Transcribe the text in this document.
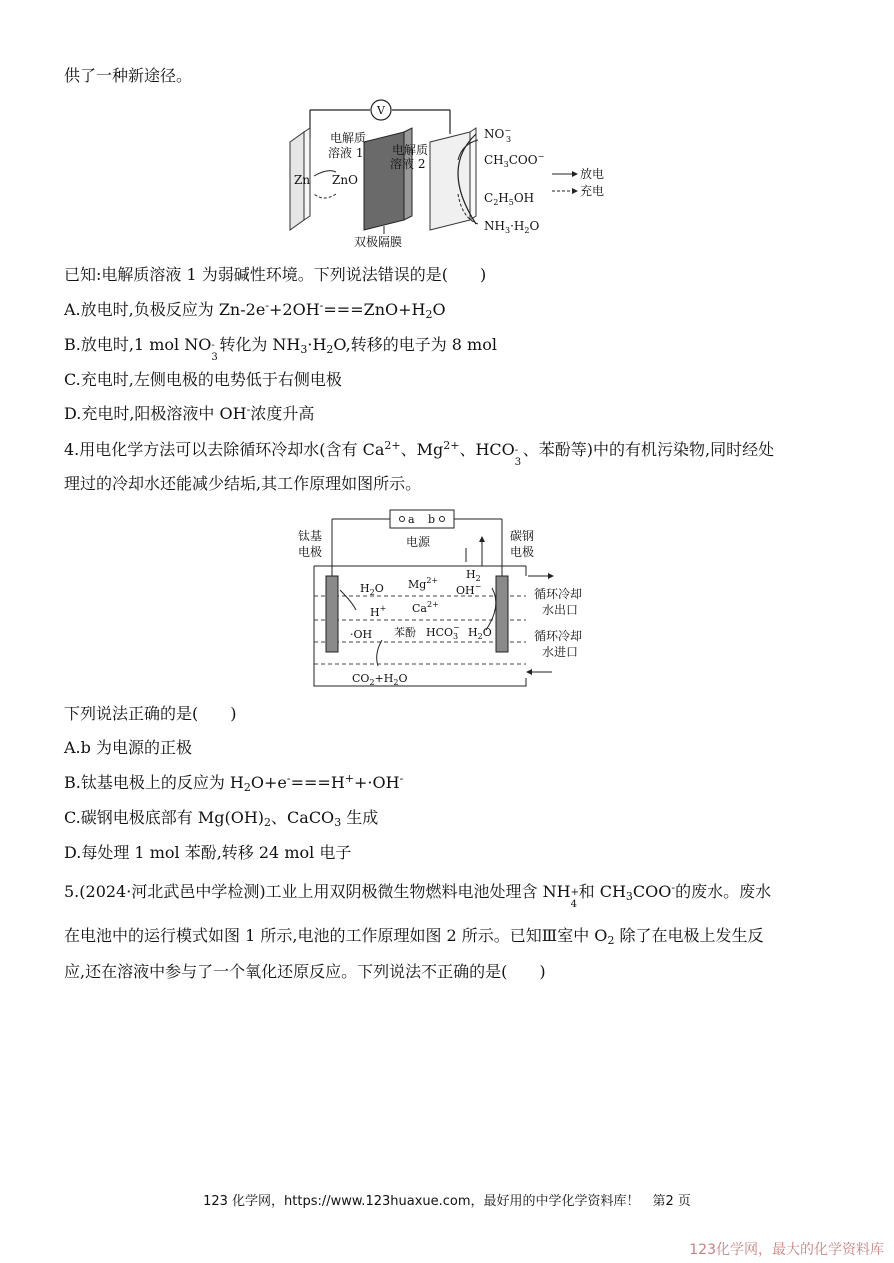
供了一种新途径。
V
电解质
溶液 1 电解质
溶液 2
Zn ZnO
双极隔膜
NO− 3
$CH_3COO^-$
$C_2H_5OH$
$NH_3\cdot H_2O$
放电
充电
已知:电解质溶液 1 为弱碱性环境。下列说法错误的是(　　)
A.放电时,负极反应为 $Zn-2e^-+2OH^-===ZnO+H_2O$
B.放电时,1 mol NO -
3
转化为 $NH_3\cdot H_2O$,转移的电子为 8 mol
C.充电时,左侧电极的电势低于右侧电极
D.充电时,阳极溶液中 OH-浓度升高
4.用电化学方法可以去除循环冷却水(含有 $Ca^{2+}$、$Mg^{2+}$、HCO -
3
、苯酚等)中的有机污染物,同时经处
理过的冷却水还能减少结垢,其工作原理如图所示。
a b
电源
钛基
电极
碳钢
电极
$H_2O$ $Mg^{2+}$
H+ $Ca^{2+}$
·OH 苯酚 $HCO_3- H_2O$
$H_2$
OH−
$CO_2+H_2O$
循环冷却
水出口
循环冷却
水进口
下列说法正确的是(　　)
A.b 为电源的正极
B.钛基电极上的反应为 $H_2O+e^-===H^++\cdot OH^-$
C.碳钢电极底部有 $Mg(OH)_2$、CaCO$_3$ 生成
D.每处理 1 mol 苯酚,转移 24 mol 电子
5.(2024·河北武邑中学检测)工业上用双阴极微生物燃料电池处理含 NH +
4
和 $CH_3COO^-$的废水。废水
在电池中的运行模式如图 1 所示,电池的工作原理如图 2 所示。已知Ⅲ室中 $O_2$ 除了在电极上发生反
应,还在溶液中参与了一个氧化还原反应。下列说法不正确的是(　　)
123 化学网，https://www.123huaxue.com，最好用的中学化学资料库！　第2 页
123化学网，最大的化学资料库
